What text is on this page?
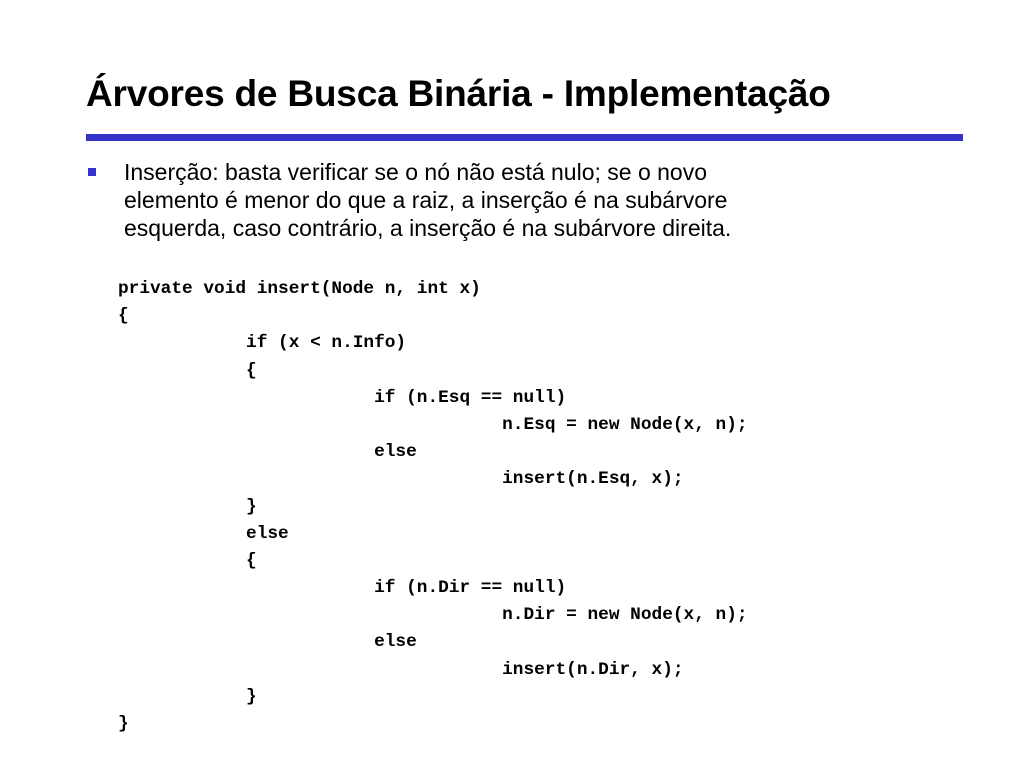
Árvores de Busca Binária - Implementação

Inserção: basta verificar se o nó não está nulo; se o novo
elemento é menor do que a raiz, a inserção é na subárvore
esquerda, caso contrário, a inserção é na subárvore direita.

private void insert(Node n, int x)
{
	if (x < n.Info)
	{
		if (n.Esq == null)
			n.Esq = new Node(x, n);
		else
			insert(n.Esq, x);
	}
	else
	{
		if (n.Dir == null)
			n.Dir = new Node(x, n);
		else
			insert(n.Dir, x);
	}
}
